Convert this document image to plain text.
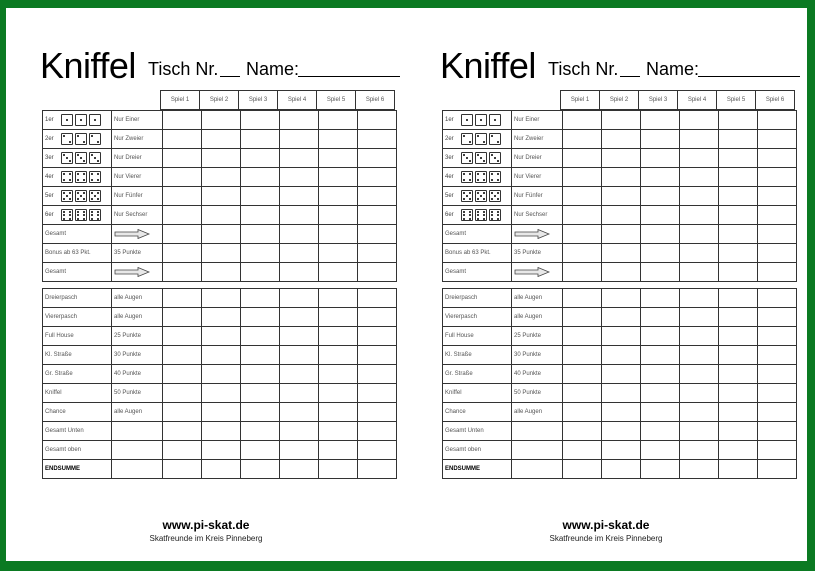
Kniffel Tisch Nr. Name:
		Spiel 1	Spiel 2	Spiel 3	Spiel 4	Spiel 5	Spiel 6
1er	Nur Einer						

2er	Nur Zweier						

3er	Nur Dreier						

4er	Nur Vierer						

5er	Nur Fünfer						

6er	Nur Sechser						
Gesamt	

Bonus ab 63 Pkt.	35 Punkte						
Gesamt	

Dreierpasch	alle Augen						
Viererpasch	alle Augen						
Full House	25 Punkte						
Kl. Straße	30 Punkte						
Gr. Straße	40 Punkte						
Kniffel	50 Punkte						
Chance	alle Augen						
Gesamt Unten							
Gesamt oben							
ENDSUMME							
www.pi-skat.de
Skatfreunde im Kreis Pinneberg
Kniffel Tisch Nr. Name:
		Spiel 1	Spiel 2	Spiel 3	Spiel 4	Spiel 5	Spiel 6
1er	Nur Einer						

2er	Nur Zweier						

3er	Nur Dreier						

4er	Nur Vierer						

5er	Nur Fünfer						

6er	Nur Sechser						
Gesamt	

Bonus ab 63 Pkt.	35 Punkte						
Gesamt	

Dreierpasch	alle Augen						
Viererpasch	alle Augen						
Full House	25 Punkte						
Kl. Straße	30 Punkte						
Gr. Straße	40 Punkte						
Kniffel	50 Punkte						
Chance	alle Augen						
Gesamt Unten							
Gesamt oben							
ENDSUMME							
www.pi-skat.de
Skatfreunde im Kreis Pinneberg
